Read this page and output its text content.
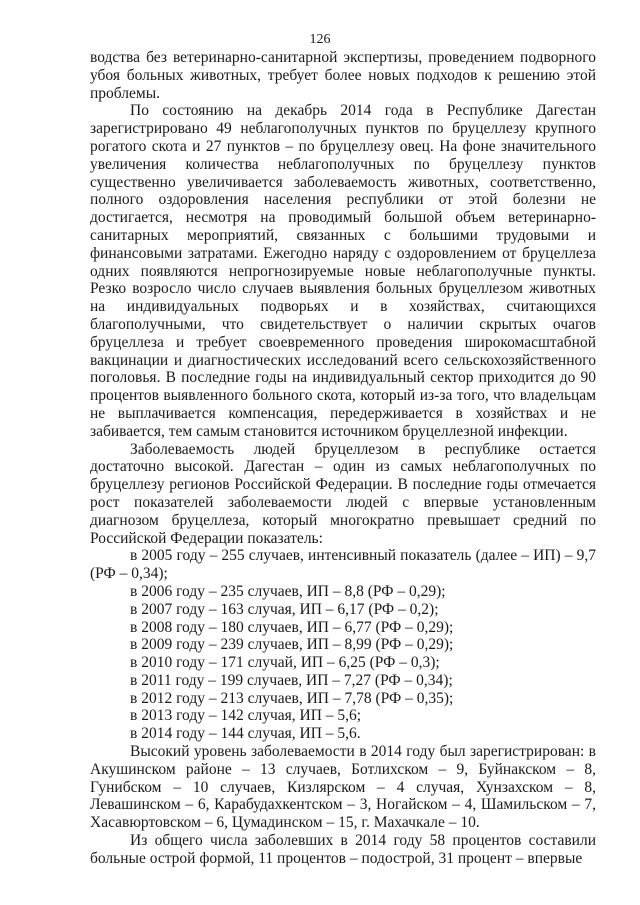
126

водства без ветеринарно-санитарной экспертизы, проведением подворного убоя больных животных, требует более новых подходов к решению этой проблемы.

По состоянию на декабрь 2014 года в Республике Дагестан зарегистрировано 49 неблагополучных пунктов по бруцеллезу крупного рогатого скота и 27 пунктов – по бруцеллезу овец. На фоне значительного увеличения количества неблагополучных по бруцеллезу пунктов существенно увеличивается заболеваемость животных, соответственно, полного оздоровления населения республики от этой болезни не достигается, несмотря на проводимый большой объем ветеринарно-санитарных мероприятий, связанных с большими трудовыми и финансовыми затратами. Ежегодно наряду с оздоровлением от бруцеллеза одних появляются непрогнозируемые новые неблагополучные пункты. Резко возросло число случаев выявления больных бруцеллезом животных на индивидуальных подворьях и в хозяйствах, считающихся благополучными, что свидетельствует о наличии скрытых очагов бруцеллеза и требует своевременного проведения широкомасштабной вакцинации и диагностических исследований всего сельскохозяйственного поголовья. В последние годы на индивидуальный сектор приходится до 90 процентов выявленного больного скота, который из-за того, что владельцам не выплачивается компенсация, передерживается в хозяйствах и не забивается, тем самым становится источником бруцеллезной инфекции.

Заболеваемость людей бруцеллезом в республике остается достаточно высокой. Дагестан – один из самых неблагополучных по бруцеллезу регионов Российской Федерации. В последние годы отмечается рост показателей заболеваемости людей с впервые установленным диагнозом бруцеллеза, который многократно превышает средний по Российской Федерации показатель:

в 2005 году – 255 случаев, интенсивный показатель (далее – ИП) – 9,7 (РФ – 0,34);

в 2006 году – 235 случаев, ИП – 8,8 (РФ – 0,29);

в 2007 году – 163 случая, ИП – 6,17 (РФ – 0,2);

в 2008 году – 180 случаев, ИП – 6,77 (РФ – 0,29);

в 2009 году – 239 случаев, ИП – 8,99 (РФ – 0,29);

в 2010 году – 171 случай, ИП – 6,25 (РФ – 0,3);

в 2011 году – 199 случаев, ИП – 7,27 (РФ – 0,34);

в 2012 году – 213 случаев, ИП – 7,78 (РФ – 0,35);

в 2013 году – 142 случая, ИП – 5,6;

в 2014 году – 144 случая, ИП – 5,6.

Высокий уровень заболеваемости в 2014 году был зарегистрирован: в Акушинском районе – 13 случаев, Ботлихском – 9, Буйнакском – 8, Гунибском – 10 случаев, Кизлярском – 4 случая, Хунзахском – 8, Левашинском – 6, Карабудахкентском – 3, Ногайском – 4, Шамильском – 7, Хасавюртовском – 6, Цумадинском – 15, г. Махачкале – 10.

Из общего числа заболевших в 2014 году 58 процентов составили больные острой формой, 11 процентов – подострой, 31 процент – впервые
